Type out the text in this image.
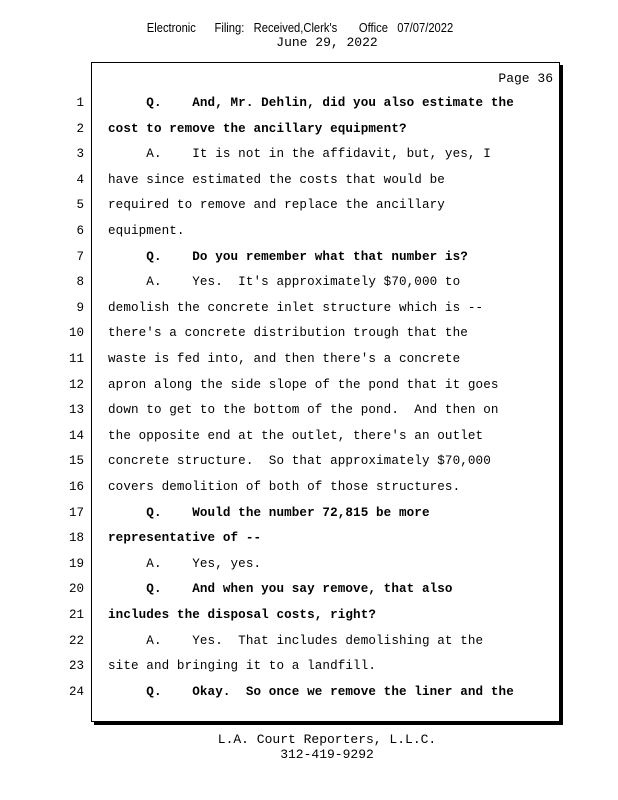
Electronic      Filing:   Received,Clerk's       Office   07/07/2022
June 29, 2022
Page 36
1 Q.    And, Mr. Dehlin, did you also estimate the
2 cost to remove the ancillary equipment?
3 A.    It is not in the affidavit, but, yes, I
4 have since estimated the costs that would be
5 required to remove and replace the ancillary
6 equipment.
7 Q.    Do you remember what that number is?
8 A.    Yes.  It's approximately $70,000 to
9 demolish the concrete inlet structure which is --
10 there's a concrete distribution trough that the
11 waste is fed into, and then there's a concrete
12 apron along the side slope of the pond that it goes
13 down to get to the bottom of the pond.  And then on
14 the opposite end at the outlet, there's an outlet
15 concrete structure.  So that approximately $70,000
16 covers demolition of both of those structures.
17 Q.    Would the number 72,815 be more
18 representative of --
19 A.    Yes, yes.
20 Q.    And when you say remove, that also
21 includes the disposal costs, right?
22 A.    Yes.  That includes demolishing at the
23 site and bringing it to a landfill.
24 Q.    Okay.  So once we remove the liner and the
L.A. Court Reporters, L.L.C.
312-419-9292
